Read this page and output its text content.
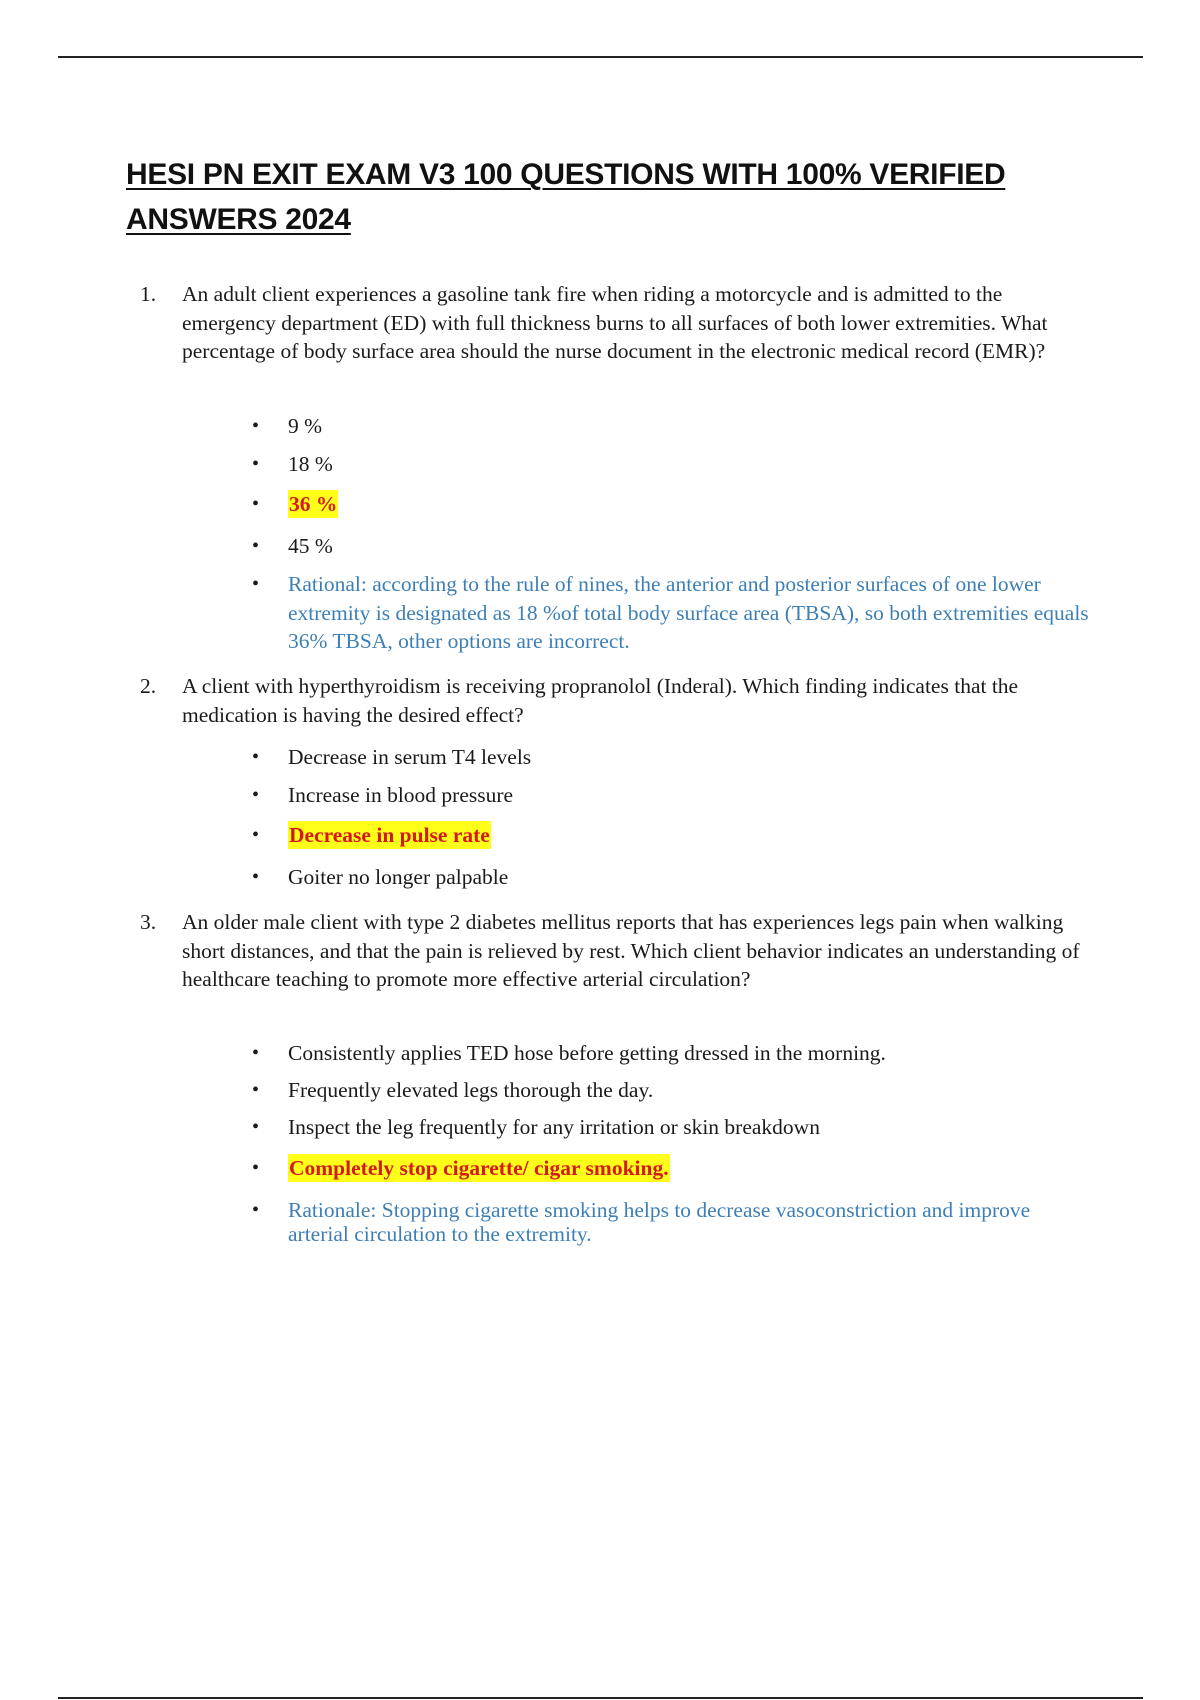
HESI PN EXIT EXAM V3 100 QUESTIONS WITH 100% VERIFIED ANSWERS 2024
1.	An adult client experiences a gasoline tank fire when riding a motorcycle and is admitted to the emergency department (ED) with full thickness burns to all surfaces of both lower extremities. What percentage of body surface area should the nurse document in the electronic medical record (EMR)?
•	9 %
•	18 %
•	36 %
•	45 %
•	Rational: according to the rule of nines, the anterior and posterior surfaces of one lower extremity is designated as 18 %of total body surface area (TBSA), so both extremities equals 36% TBSA, other options are incorrect.
2.	A client with hyperthyroidism is receiving propranolol (Inderal). Which finding indicates that the medication is having the desired effect?
•	Decrease in serum T4 levels
•	Increase in blood pressure
•	Decrease in pulse rate
•	Goiter no longer palpable
3.	An older male client with type 2 diabetes mellitus reports that has experiences legs pain when walking short distances, and that the pain is relieved by rest. Which client behavior indicates an understanding of healthcare teaching to promote more effective arterial circulation?
•	Consistently applies TED hose before getting dressed in the morning.
•	Frequently elevated legs thorough the day.
•	Inspect the leg frequently for any irritation or skin breakdown
•	Completely stop cigarette/ cigar smoking.
•	Rationale: Stopping cigarette smoking helps to decrease vasoconstriction and improve arterial circulation to the extremity.
